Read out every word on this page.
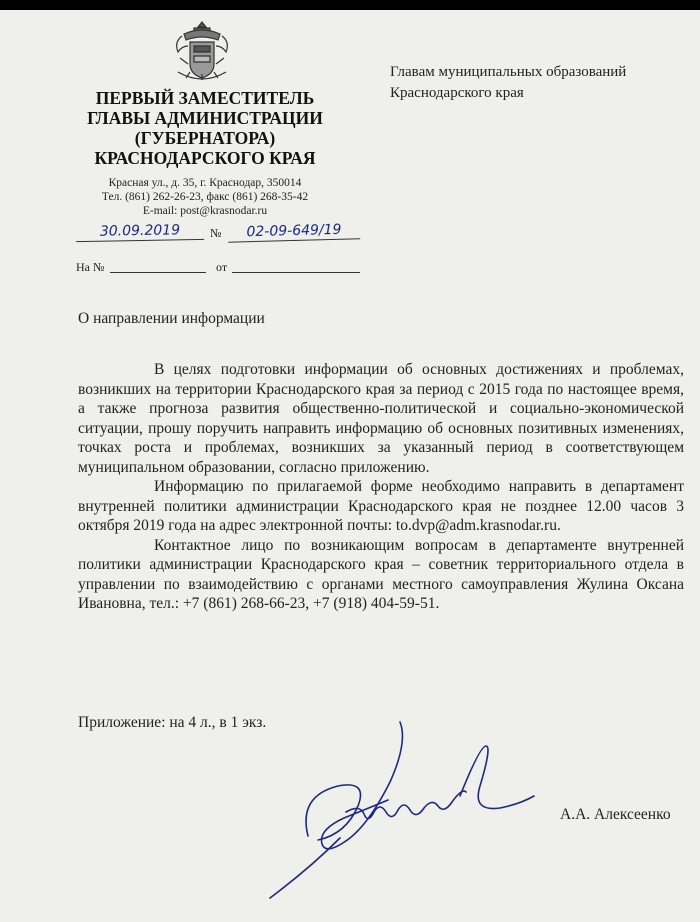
ПЕРВЫЙ ЗАМЕСТИТЕЛЬ
ГЛАВЫ АДМИНИСТРАЦИИ
(ГУБЕРНАТОРА)
КРАСНОДАРСКОГО КРАЯ
Красная ул., д. 35, г. Краснодар, 350014
Тел. (861) 262-26-23, факс (861) 268-35-42
E-mail: post@krasnodar.ru
30.09.2019	№	02-09-649/19
На №	от
Главам муниципальных образований
Краснодарского края
О направлении информации

В целях подготовки информации об основных достижениях и проблемах, возникших на территории Краснодарского края за период с 2015 года по настоящее время, а также прогноза развития общественно-политической и социально-экономической ситуации, прошу поручить направить информацию об основных позитивных изменениях, точках роста и проблемах, возникших за указанный период в соответствующем муниципальном образовании, согласно приложению.

Информацию по прилагаемой форме необходимо направить в департамент внутренней политики администрации Краснодарского края не позднее 12.00 часов 3 октября 2019 года на адрес электронной почты: to.dvp@adm.krasnodar.ru.

Контактное лицо по возникающим вопросам в департаменте внутренней политики администрации Краснодарского края – советник территориального отдела в управлении по взаимодействию с органами местного самоуправления Жулина Оксана Ивановна, тел.: +7 (861) 268-66-23, +7 (918) 404-59-51.

Приложение: на 4 л., в 1 экз.
А.А. Алексеенко
